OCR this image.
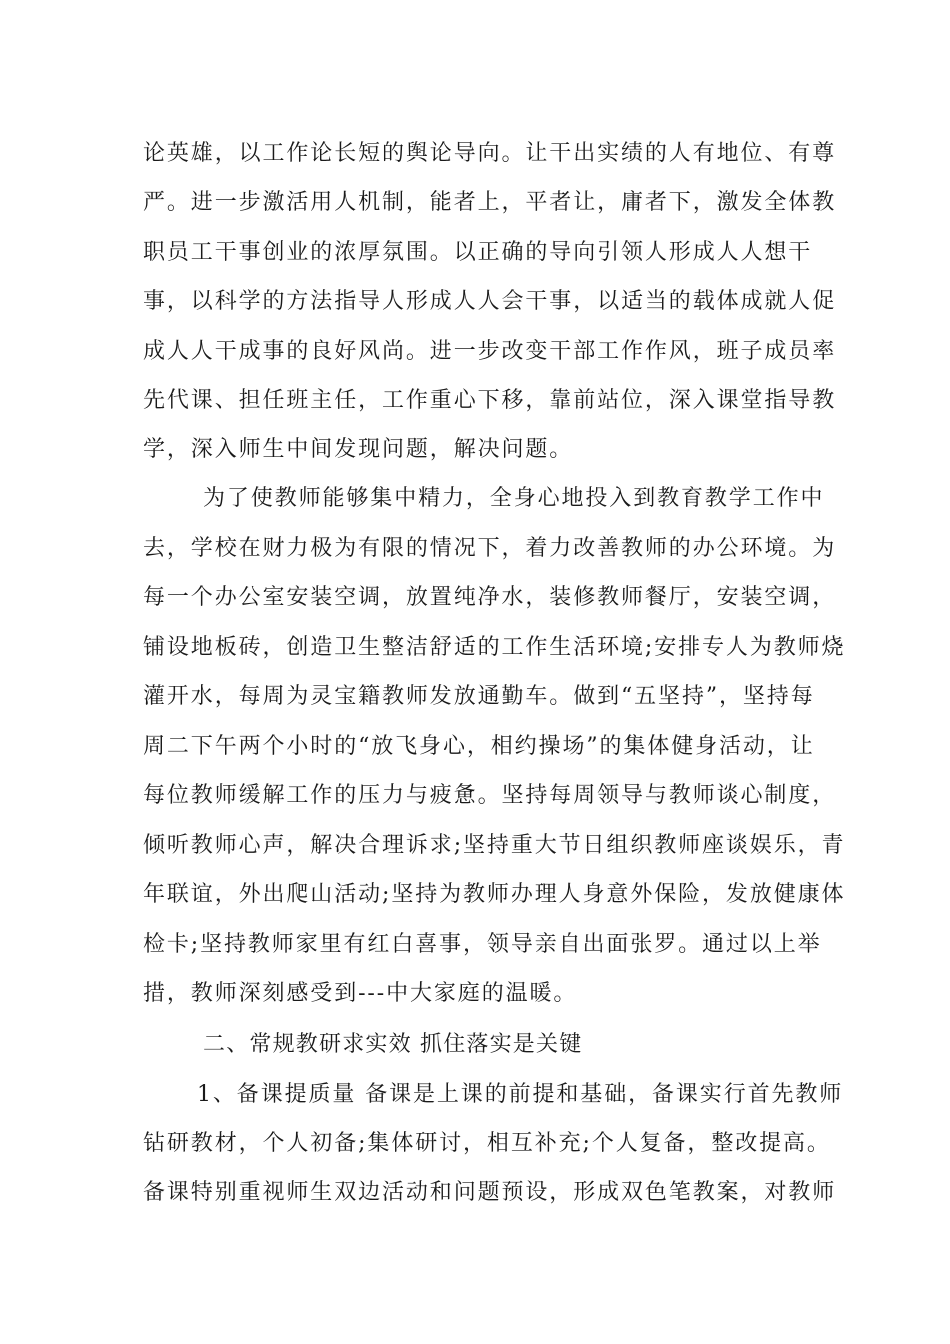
论英雄，以工作论长短的舆论导向。让干出实绩的人有地位、有尊
严。进一步激活用人机制，能者上，平者让，庸者下，激发全体教
职员工干事创业的浓厚氛围。以正确的导向引领人形成人人想干
事，以科学的方法指导人形成人人会干事，以适当的载体成就人促
成人人干成事的良好风尚。进一步改变干部工作作风，班子成员率
先代课、担任班主任，工作重心下移，靠前站位，深入课堂指导教
学，深入师生中间发现问题，解决问题。
为了使教师能够集中精力，全身心地投入到教育教学工作中
去，学校在财力极为有限的情况下，着力改善教师的办公环境。为
每一个办公室安装空调，放置纯净水，装修教师餐厅，安装空调，
铺设地板砖，创造卫生整洁舒适的工作生活环境;安排专人为教师烧
灌开水，每周为灵宝籍教师发放通勤车。做到“五坚持”，坚持每
周二下午两个小时的“放飞身心，相约操场”的集体健身活动，让
每位教师缓解工作的压力与疲惫。坚持每周领导与教师谈心制度，
倾听教师心声，解决合理诉求;坚持重大节日组织教师座谈娱乐，青
年联谊，外出爬山活动;坚持为教师办理人身意外保险，发放健康体
检卡;坚持教师家里有红白喜事，领导亲自出面张罗。通过以上举
措，教师深刻感受到---中大家庭的温暖。
二、常规教研求实效 抓住落实是关键
1、备课提质量 备课是上课的前提和基础，备课实行首先教师
钻研教材，个人初备;集体研讨，相互补充;个人复备，整改提高。
备课特别重视师生双边活动和问题预设，形成双色笔教案，对教师
